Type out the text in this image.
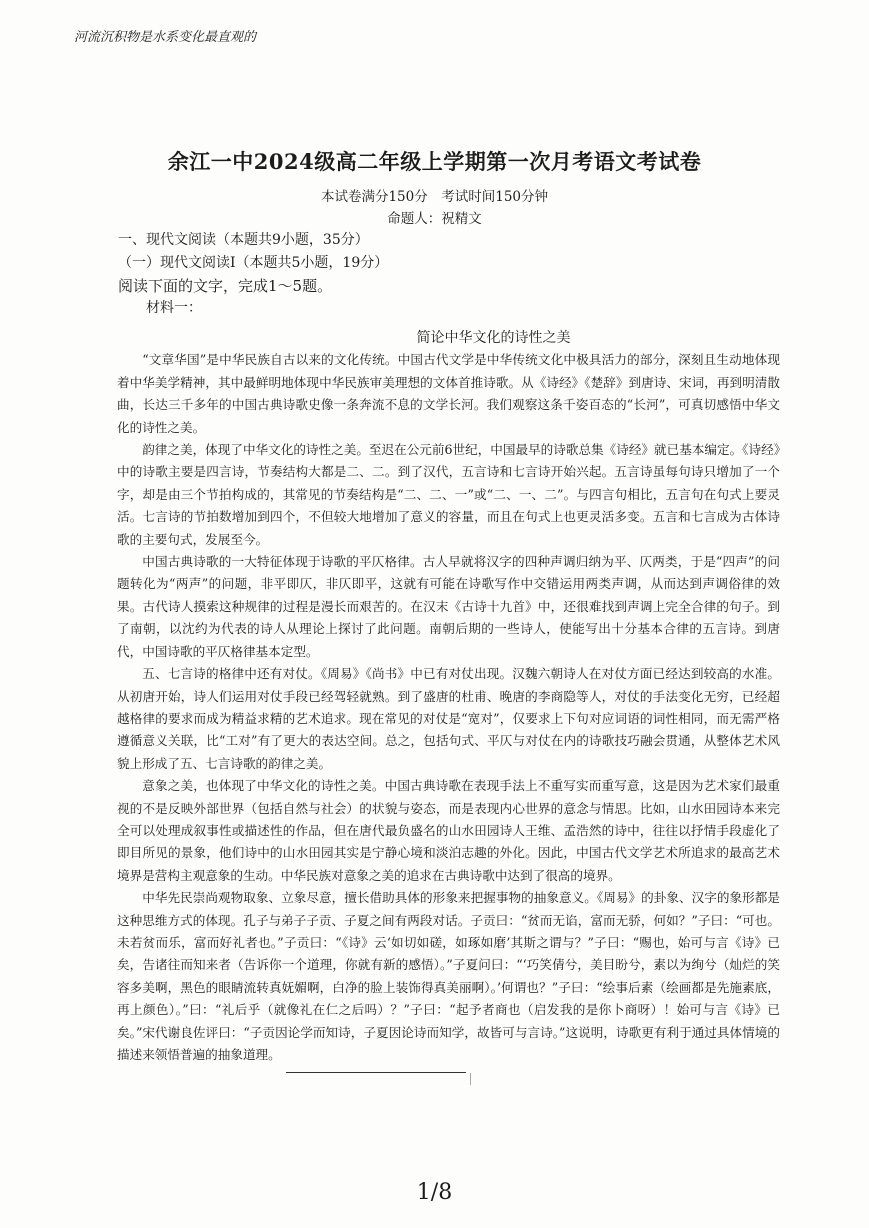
河流沉积物是水系变化最直观的
余江一中2024级高二年级上学期第一次月考语文考试卷
本试卷满分150分　考试时间150分钟
命题人：祝精文
一、现代文阅读（本题共9小题，35分）
（一）现代文阅读Ⅰ（本题共5小题，19分）
阅读下面的文字，完成1～5题。
材料一：

简论中华文化的诗性之美

“文章华国”是中华民族自古以来的文化传统。中国古代文学是中华传统文化中极具活力的部分，深刻且生动地体现着中华美学精神，其中最鲜明地体现中华民族审美理想的文体首推诗歌。从《诗经》《楚辞》到唐诗、宋词，再到明清散曲，长达三千多年的中国古典诗歌史像一条奔流不息的文学长河。我们观察这条千姿百态的“长河”，可真切感悟中华文化的诗性之美。

韵律之美，体现了中华文化的诗性之美。至迟在公元前6世纪，中国最早的诗歌总集《诗经》就已基本编定。《诗经》中的诗歌主要是四言诗，节奏结构大都是二、二。到了汉代，五言诗和七言诗开始兴起。五言诗虽每句诗只增加了一个字，却是由三个节拍构成的，其常见的节奏结构是“二、二、一”或“二、一、二”。与四言句相比，五言句在句式上要灵活。七言诗的节拍数增加到四个，不但较大地增加了意义的容量，而且在句式上也更灵活多变。五言和七言成为古体诗歌的主要句式，发展至今。

中国古典诗歌的一大特征体现于诗歌的平仄格律。古人早就将汉字的四种声调归纳为平、仄两类，于是“四声”的问题转化为“两声”的问题，非平即仄，非仄即平，这就有可能在诗歌写作中交错运用两类声调，从而达到声调俗律的效果。古代诗人摸索这种规律的过程是漫长而艰苦的。在汉末《古诗十九首》中，还很难找到声调上完全合律的句子。到了南朝，以沈约为代表的诗人从理论上探讨了此问题。南朝后期的一些诗人，使能写出十分基本合律的五言诗。到唐代，中国诗歌的平仄格律基本定型。

五、七言诗的格律中还有对仗。《周易》《尚书》中已有对仗出现。汉魏六朝诗人在对仗方面已经达到较高的水准。从初唐开始，诗人们运用对仗手段已经驾轻就熟。到了盛唐的杜甫、晚唐的李商隐等人，对仗的手法变化无穷，已经超越格律的要求而成为精益求精的艺术追求。现在常见的对仗是“宽对”，仅要求上下句对应词语的词性相同，而无需严格遵循意义关联，比“工对”有了更大的表达空间。总之，包括句式、平仄与对仗在内的诗歌技巧融会贯通，从整体艺术风貌上形成了五、七言诗歌的韵律之美。

意象之美，也体现了中华文化的诗性之美。中国古典诗歌在表现手法上不重写实而重写意，这是因为艺术家们最重视的不是反映外部世界（包括自然与社会）的状貌与姿态，而是表现内心世界的意念与情思。比如，山水田园诗本来完全可以处理成叙事性或描述性的作品，但在唐代最负盛名的山水田园诗人王维、孟浩然的诗中，往往以抒情手段虚化了即目所见的景象，他们诗中的山水田园其实是宁静心境和淡泊志趣的外化。因此，中国古代文学艺术所追求的最高艺术境界是营构主观意象的生动。中华民族对意象之美的追求在古典诗歌中达到了很高的境界。

中华先民崇尚观物取象、立象尽意，擅长借助具体的形象来把握事物的抽象意义。《周易》的卦象、汉字的象形都是这种思维方式的体现。孔子与弟子子贡、子夏之间有两段对话。子贡曰：“贫而无谄，富而无骄，何如？”子曰：“可也。未若贫而乐，富而好礼者也。”子贡曰：“《诗》云‘如切如磋，如琢如磨’其斯之谓与？”子曰：“赐也，始可与言《诗》已矣，告诸往而知来者（告诉你一个道理，你就有新的感悟）。”子夏问曰：“‘巧笑倩兮，美目盼兮，素以为绚兮（灿烂的笑容多美啊，黑色的眼睛流转真妩媚啊，白净的脸上装饰得真美丽啊）。’何谓也？”子曰：“绘事后素（绘画都是先施素底，再上颜色）。”曰：“礼后乎（就像礼在仁之后吗）？”子曰：“起予者商也（启发我的是你卜商呀）！始可与言《诗》已矣。”宋代谢良佐评曰：“子贡因论学而知诗，子夏因论诗而知学，故皆可与言诗。”这说明，诗歌更有利于通过具体情境的描述来领悟普遍的抽象道理。

1/8
